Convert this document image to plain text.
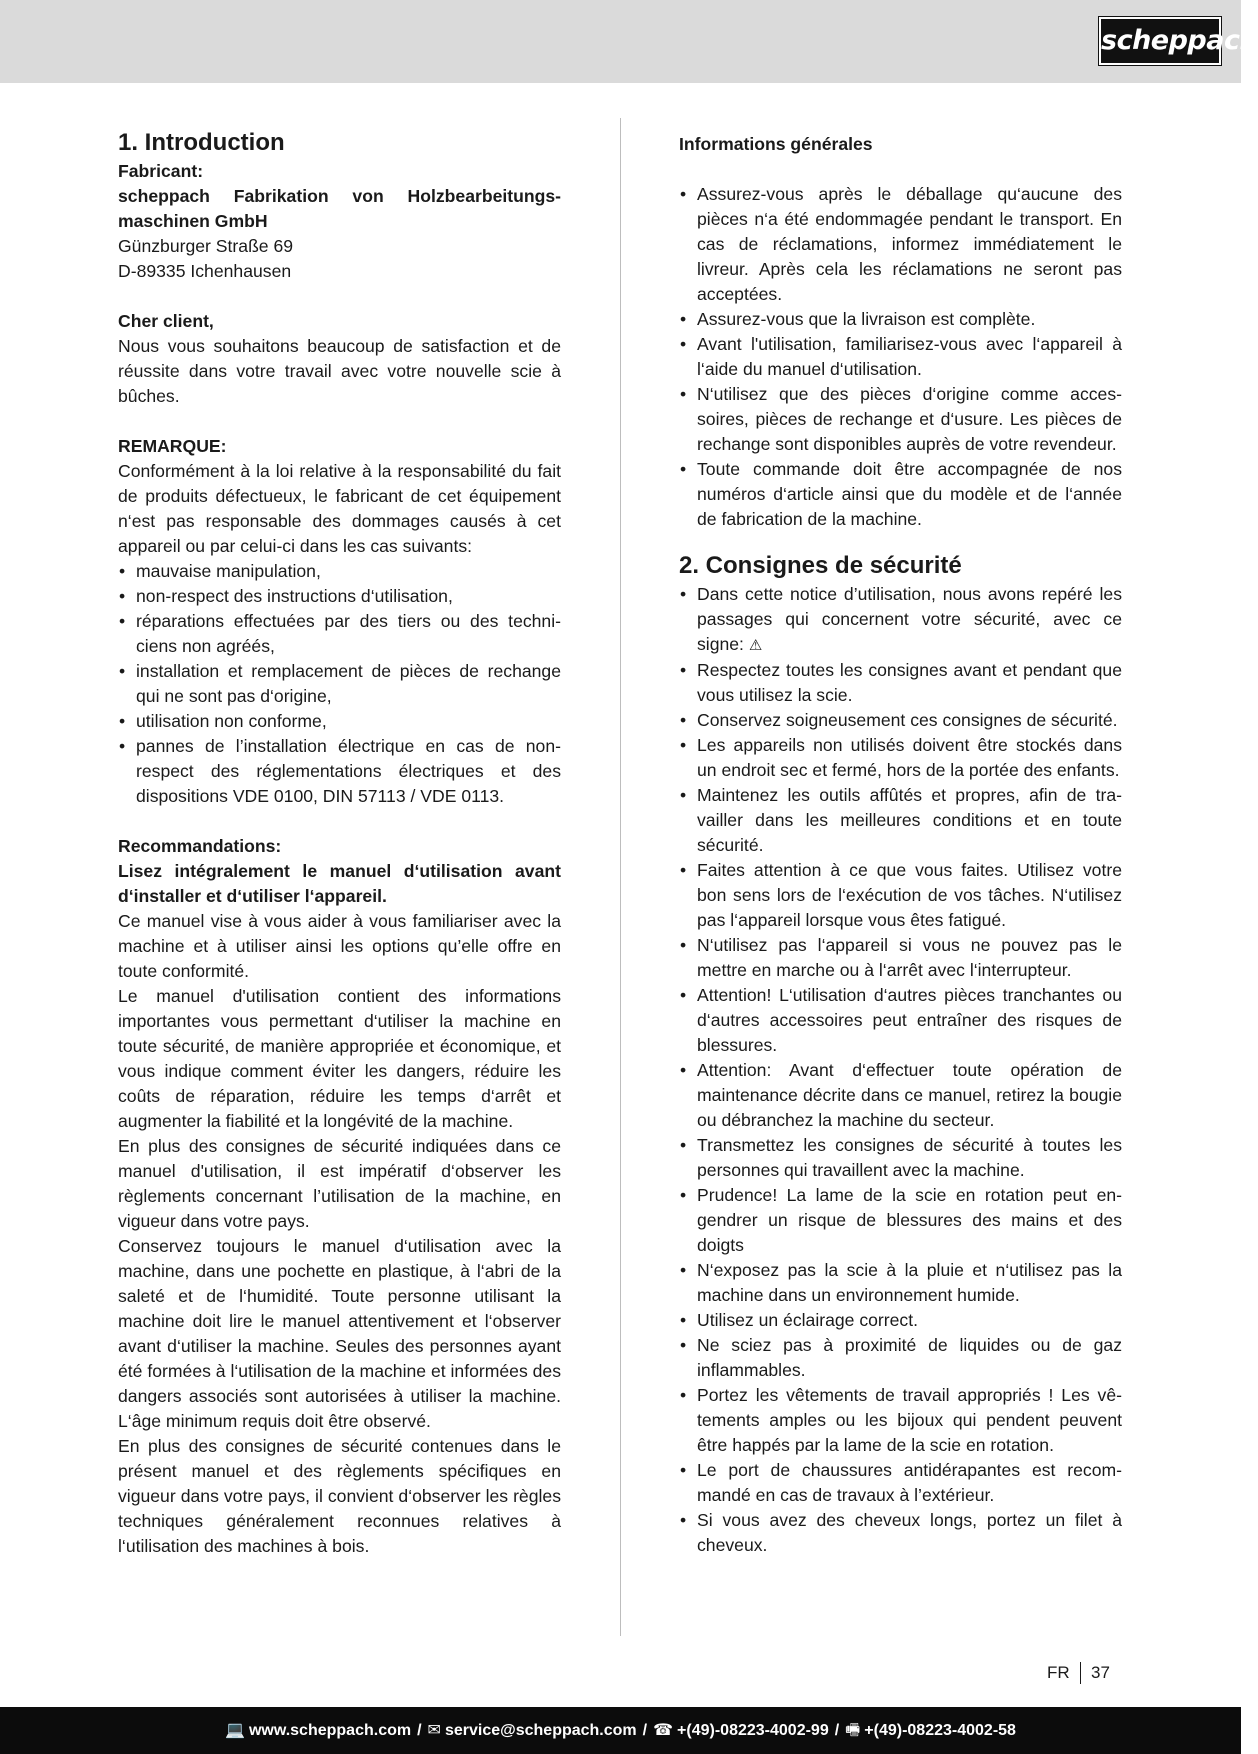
scheppach
1. Introduction

Fabricant:

scheppach Fabrikation von Holzbearbeitungsmaschinen GmbH

Günzburger Straße 69

D-89335 Ichenhausen

Cher client,

Nous vous souhaitons beaucoup de satisfaction et de réussite dans votre travail avec votre nouvelle scie à bûches.

REMARQUE:

Conformément à la loi relative à la responsabilité du fait de produits défectueux, le fabricant de cet équipement n‘est pas responsable des dommages causés à cet appareil ou par celui-ci dans les cas suivants:

• mauvaise manipulation,
• non-respect des instructions d‘utilisation,
• réparations effectuées par des tiers ou des techniciens non agréés,
• installation et remplacement de pièces de rechange qui ne sont pas d‘origine,
• utilisation non conforme,
• pannes de l’installation électrique en cas de non-respect des réglementations électriques et des dispositions VDE 0100, DIN 57113 / VDE 0113.

Recommandations:

Lisez intégralement le manuel d‘utilisation avant d‘installer et d‘utiliser l‘appareil.

Ce manuel vise à vous aider à vous familiariser avec la machine et à utiliser ainsi les options qu’elle offre en toute conformité.

Le manuel d'utilisation contient des informations importantes vous permettant d‘utiliser la machine en toute sécurité, de manière appropriée et économique, et vous indique comment éviter les dangers, réduire les coûts de réparation, réduire les temps d‘arrêt et augmenter la fiabilité et la longévité de la machine.

En plus des consignes de sécurité indiquées dans ce manuel d'utilisation, il est impératif d‘observer les règlements concernant l’utilisation de la machine, en vigueur dans votre pays.

Conservez toujours le manuel d‘utilisation avec la machine, dans une pochette en plastique, à l‘abri de la saleté et de l‘humidité. Toute personne utilisant la machine doit lire le manuel attentivement et l‘observer avant d‘utiliser la machine. Seules des personnes ayant été formées à l‘utilisation de la machine et informées des dangers associés sont autorisées à utiliser la machine. L‘âge minimum requis doit être observé.

En plus des consignes de sécurité contenues dans le présent manuel et des règlements spécifiques en vigueur dans votre pays, il convient d‘observer les règles techniques généralement reconnues relatives à l‘utilisation des machines à bois.

Informations générales

• Assurez-vous après le déballage qu‘aucune des pièces n‘a été endommagée pendant le transport. En cas de réclamations, informez immédiatement le livreur. Après cela les réclamations ne seront pas acceptées.
• Assurez-vous que la livraison est complète.
• Avant l'utilisation, familiarisez-vous avec l‘appareil à l‘aide du manuel d‘utilisation.
• N‘utilisez que des pièces d‘origine comme accessoires, pièces de rechange et d‘usure. Les pièces de rechange sont disponibles auprès de votre revendeur.
• Toute commande doit être accompagnée de nos numéros d‘article ainsi que du modèle et de l‘année de fabrication de la machine.
2. Consignes de sécurité
• Dans cette notice d’utilisation, nous avons repéré les passages qui concernent votre sécurité, avec ce signe: ⚠
• Respectez toutes les consignes avant et pendant que vous utilisez la scie.
• Conservez soigneusement ces consignes de sécurité.
• Les appareils non utilisés doivent être stockés dans un endroit sec et fermé, hors de la portée des enfants.
• Maintenez les outils affûtés et propres, afin de travailler dans les meilleures conditions et en toute sécurité.
• Faites attention à ce que vous faites. Utilisez votre bon sens lors de l‘exécution de vos tâches. N‘utilisez pas l‘appareil lorsque vous êtes fatigué.
• N‘utilisez pas l‘appareil si vous ne pouvez pas le mettre en marche ou à l‘arrêt avec l‘interrupteur.
• Attention! L‘utilisation d‘autres pièces tranchantes ou d‘autres accessoires peut entraîner des risques de blessures.
• Attention: Avant d‘effectuer toute opération de maintenance décrite dans ce manuel, retirez la bougie ou débranchez la machine du secteur.
• Transmettez les consignes de sécurité à toutes les personnes qui travaillent avec la machine.
• Prudence! La lame de la scie en rotation peut engendrer un risque de blessures des mains et des doigts
• N‘exposez pas la scie à la pluie et n‘utilisez pas la machine dans un environnement humide.
• Utilisez un éclairage correct.
• Ne sciez pas à proximité de liquides ou de gaz inflammables.
• Portez les vêtements de travail appropriés ! Les vêtements amples ou les bijoux qui pendent peuvent être happés par la lame de la scie en rotation.
• Le port de chaussures antidérapantes est recommandé en cas de travaux à l’extérieur.
• Si vous avez des cheveux longs, portez un filet à cheveux.
FR 37
💻 www.scheppach.com / ✉ service@scheppach.com / ☎ +(49)-08223-4002-99 / 🖷 +(49)-08223-4002-58
